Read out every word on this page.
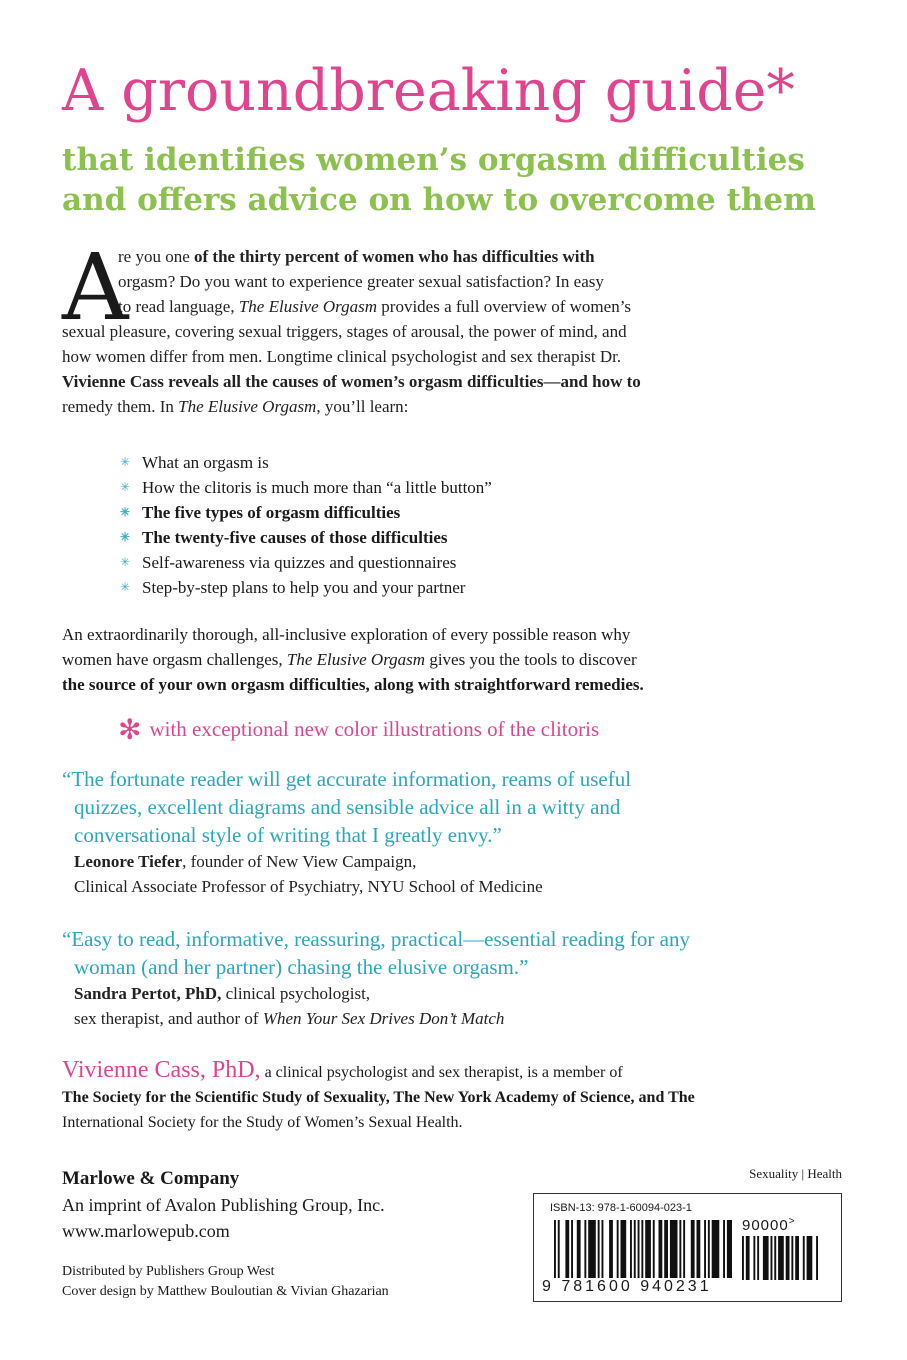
A groundbreaking guide*
that identifies women’s orgasm difficulties
and offers advice on how to overcome them
A
re you one of the thirty percent of women who has difficulties with
orgasm? Do you want to experience greater sexual satisfaction? In easy
to read language, The Elusive Orgasm provides a full overview of women’s
sexual pleasure, covering sexual triggers, stages of arousal, the power of mind, and
how women differ from men. Longtime clinical psychologist and sex therapist Dr.
Vivienne Cass reveals all the causes of women’s orgasm difficulties—and how to
remedy them. In The Elusive Orgasm, you’ll learn:
✳ What an orgasm is
✳ How the clitoris is much more than “a little button”
✳ The five types of orgasm difficulties
✳ The twenty-five causes of those difficulties
✳ Self-awareness via quizzes and questionnaires
✳ Step-by-step plans to help you and your partner
An extraordinarily thorough, all-inclusive exploration of every possible reason why
women have orgasm challenges, The Elusive Orgasm gives you the tools to discover
the source of your own orgasm difficulties, along with straightforward remedies.
✻ with exceptional new color illustrations of the clitoris
“The fortunate reader will get accurate information, reams of useful
quizzes, excellent diagrams and sensible advice all in a witty and
conversational style of writing that I greatly envy.”
Leonore Tiefer, founder of New View Campaign,
Clinical Associate Professor of Psychiatry, NYU School of Medicine
“Easy to read, informative, reassuring, practical—essential reading for any
woman (and her partner) chasing the elusive orgasm.”
Sandra Pertot, PhD, clinical psychologist,
sex therapist, and author of When Your Sex Drives Don’t Match
Vivienne Cass, PhD, a clinical psychologist and sex therapist, is a member of
The Society for the Scientific Study of Sexuality, The New York Academy of Science, and The
International Society for the Study of Women’s Sexual Health.
Marlowe & Company
An imprint of Avalon Publishing Group, Inc.
www.marlowepub.com
Distributed by Publishers Group West
Cover design by Matthew Bouloutian & Vivian Ghazarian
Sexuality | Health
ISBN-13: 978-1-60094-023-1
90000>
9 781600 940231
